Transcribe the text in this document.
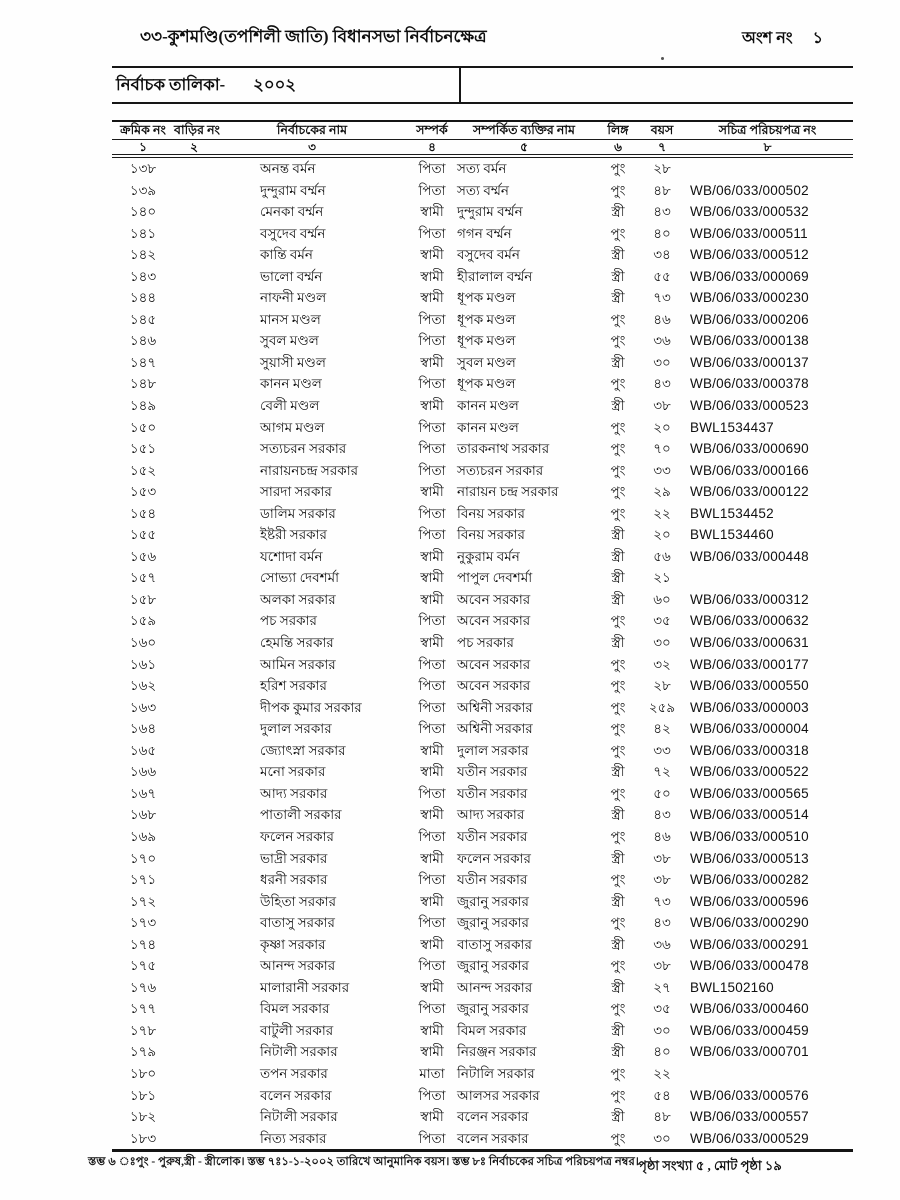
৩৩-কুশমণ্ডি(তপশিলী জাতি) বিধানসভা নির্বাচনক্ষেত্র	অংশ নং ১
নির্বাচক তালিকা- ২০০২
ক্রমিক নং বাড়ির নং	নির্বাচকের নাম	সম্পর্ক	সম্পর্কিত ব্যক্তির নাম	লিঙ্গ	বয়স	সচিত্র পরিচয়পত্র নং
১	২	৩	৪	৫	৬	৭	৮
১৩৮	অনন্ত বর্মন	পিতা সত্য বর্মন	পুং	২৮
১৩৯	দুন্দুরাম বর্ম্মন	পিতা সত্য বর্ম্মন	পুং	৪৮	WB/06/033/000502
১৪০	মেনকা বর্ম্মন	স্বামী দুন্দুরাম বর্ম্মন	স্ত্রী	৪৩	WB/06/033/000532
১৪১	বসুদেব বর্ম্মন	পিতা গগন বর্ম্মন	পুং	৪০	WB/06/033/000511
১৪২	কান্তি বর্মন	স্বামী বসুদেব বর্মন	স্ত্রী	৩৪	WB/06/033/000512
১৪৩	ভালো বর্ম্মন	স্বামী হীরালাল বর্ম্মন	স্ত্রী	৫৫	WB/06/033/000069
১৪৪	নাফনী মণ্ডল	স্বামী ধূপক মণ্ডল	স্ত্রী	৭৩	WB/06/033/000230
১৪৫	মানস মণ্ডল	পিতা ধূপক মণ্ডল	পুং	৪৬	WB/06/033/000206
১৪৬	সুবল মণ্ডল	পিতা ধূপক মণ্ডল	পুং	৩৬	WB/06/033/000138
১৪৭	সুয়াসী মণ্ডল	স্বামী সুবল মণ্ডল	স্ত্রী	৩০	WB/06/033/000137
১৪৮	কানন মণ্ডল	পিতা ধূপক মণ্ডল	পুং	৪৩	WB/06/033/000378
১৪৯	বেলী মণ্ডল	স্বামী কানন মণ্ডল	স্ত্রী	৩৮	WB/06/033/000523
১৫০	আগম মণ্ডল	পিতা কানন মণ্ডল	পুং	২০	BWL1534437
১৫১	সত্যচরন সরকার	পিতা তারকনাথ সরকার	পুং	৭০	WB/06/033/000690
১৫২	নারায়নচন্দ্র সরকার	পিতা সত্যচরন সরকার	পুং	৩৩	WB/06/033/000166
১৫৩	সারদা সরকার	স্বামী নারায়ন চন্দ্র সরকার	পুং	২৯	WB/06/033/000122
১৫৪	ডালিম সরকার	পিতা বিনয় সরকার	পুং	২২	BWL1534452
১৫৫	ইষ্টরী সরকার	পিতা বিনয় সরকার	স্ত্রী	২০	BWL1534460
১৫৬	যশোদা বর্মন	স্বামী নুকুরাম বর্মন	স্ত্রী	৫৬	WB/06/033/000448
১৫৭	সোভ্যা দেবশর্মা	স্বামী পাপুল দেবশর্মা	স্ত্রী	২১
১৫৮	অলকা সরকার	স্বামী অবেন সরকার	স্ত্রী	৬০	WB/06/033/000312
১৫৯	পচ সরকার	পিতা অবেন সরকার	পুং	৩৫	WB/06/033/000632
১৬০	হেমন্তি সরকার	স্বামী পচ সরকার	স্ত্রী	৩০	WB/06/033/000631
১৬১	আমিন সরকার	পিতা অবেন সরকার	পুং	৩২	WB/06/033/000177
১৬২	হরিশ সরকার	পিতা অবেন সরকার	পুং	২৮	WB/06/033/000550
১৬৩	দীপক কুমার সরকার	পিতা অশ্বিনী সরকার	পুং	২৫৯	WB/06/033/000003
১৬৪	দুলাল সরকার	পিতা অশ্বিনী সরকার	পুং	৪২	WB/06/033/000004
১৬৫	জ্যোৎস্না সরকার	স্বামী দুলাল সরকার	পুং	৩৩	WB/06/033/000318
১৬৬	মনো সরকার	স্বামী যতীন সরকার	স্ত্রী	৭২	WB/06/033/000522
১৬৭	আদ্য সরকার	পিতা যতীন সরকার	পুং	৫০	WB/06/033/000565
১৬৮	পাতালী সরকার	স্বামী আদ্য সরকার	স্ত্রী	৪৩	WB/06/033/000514
১৬৯	ফলেন সরকার	পিতা যতীন সরকার	পুং	৪৬	WB/06/033/000510
১৭০	ভাদ্রী সরকার	স্বামী ফলেন সরকার	স্ত্রী	৩৮	WB/06/033/000513
১৭১	ধরনী সরকার	পিতা যতীন সরকার	পুং	৩৮	WB/06/033/000282
১৭২	উহিতা সরকার	স্বামী জুরানু সরকার	স্ত্রী	৭৩	WB/06/033/000596
১৭৩	বাতাসু সরকার	পিতা জুরানু সরকার	পুং	৪৩	WB/06/033/000290
১৭৪	কৃষ্ণা সরকার	স্বামী বাতাসু সরকার	স্ত্রী	৩৬	WB/06/033/000291
১৭৫	আনন্দ সরকার	পিতা জুরানু সরকার	পুং	৩৮	WB/06/033/000478
১৭৬	মালারানী সরকার	স্বামী আনন্দ সরকার	স্ত্রী	২৭	BWL1502160
১৭৭	বিমল সরকার	পিতা জুরানু সরকার	পুং	৩৫	WB/06/033/000460
১৭৮	বাটুলী সরকার	স্বামী বিমল সরকার	স্ত্রী	৩০	WB/06/033/000459
১৭৯	নিটালী সরকার	স্বামী নিরঞ্জন সরকার	স্ত্রী	৪০	WB/06/033/000701
১৮০	তপন সরকার	মাতা নিটালি সরকার	পুং	২২
১৮১	বলেন সরকার	পিতা আলসর সরকার	পুং	৫৪	WB/06/033/000576
১৮২	নিটালী সরকার	স্বামী বলেন সরকার	স্ত্রী	৪৮	WB/06/033/000557
১৮৩	নিত্য সরকার	পিতা বলেন সরকার	পুং	৩০	WB/06/033/000529
স্তম্ভ ৬ ঃপুং - পুরুষ,স্ত্রী - স্ত্রীলোক। স্তম্ভ ৭ঃ১-১-২০০২ তারিখে আনুমানিক বয়স। স্তম্ভ ৮ঃ নির্বাচকের সচিত্র পরিচয়পত্র নম্বর। পৃষ্ঠা সংখ্যা ৫ , মোট পৃষ্ঠা ১৯
